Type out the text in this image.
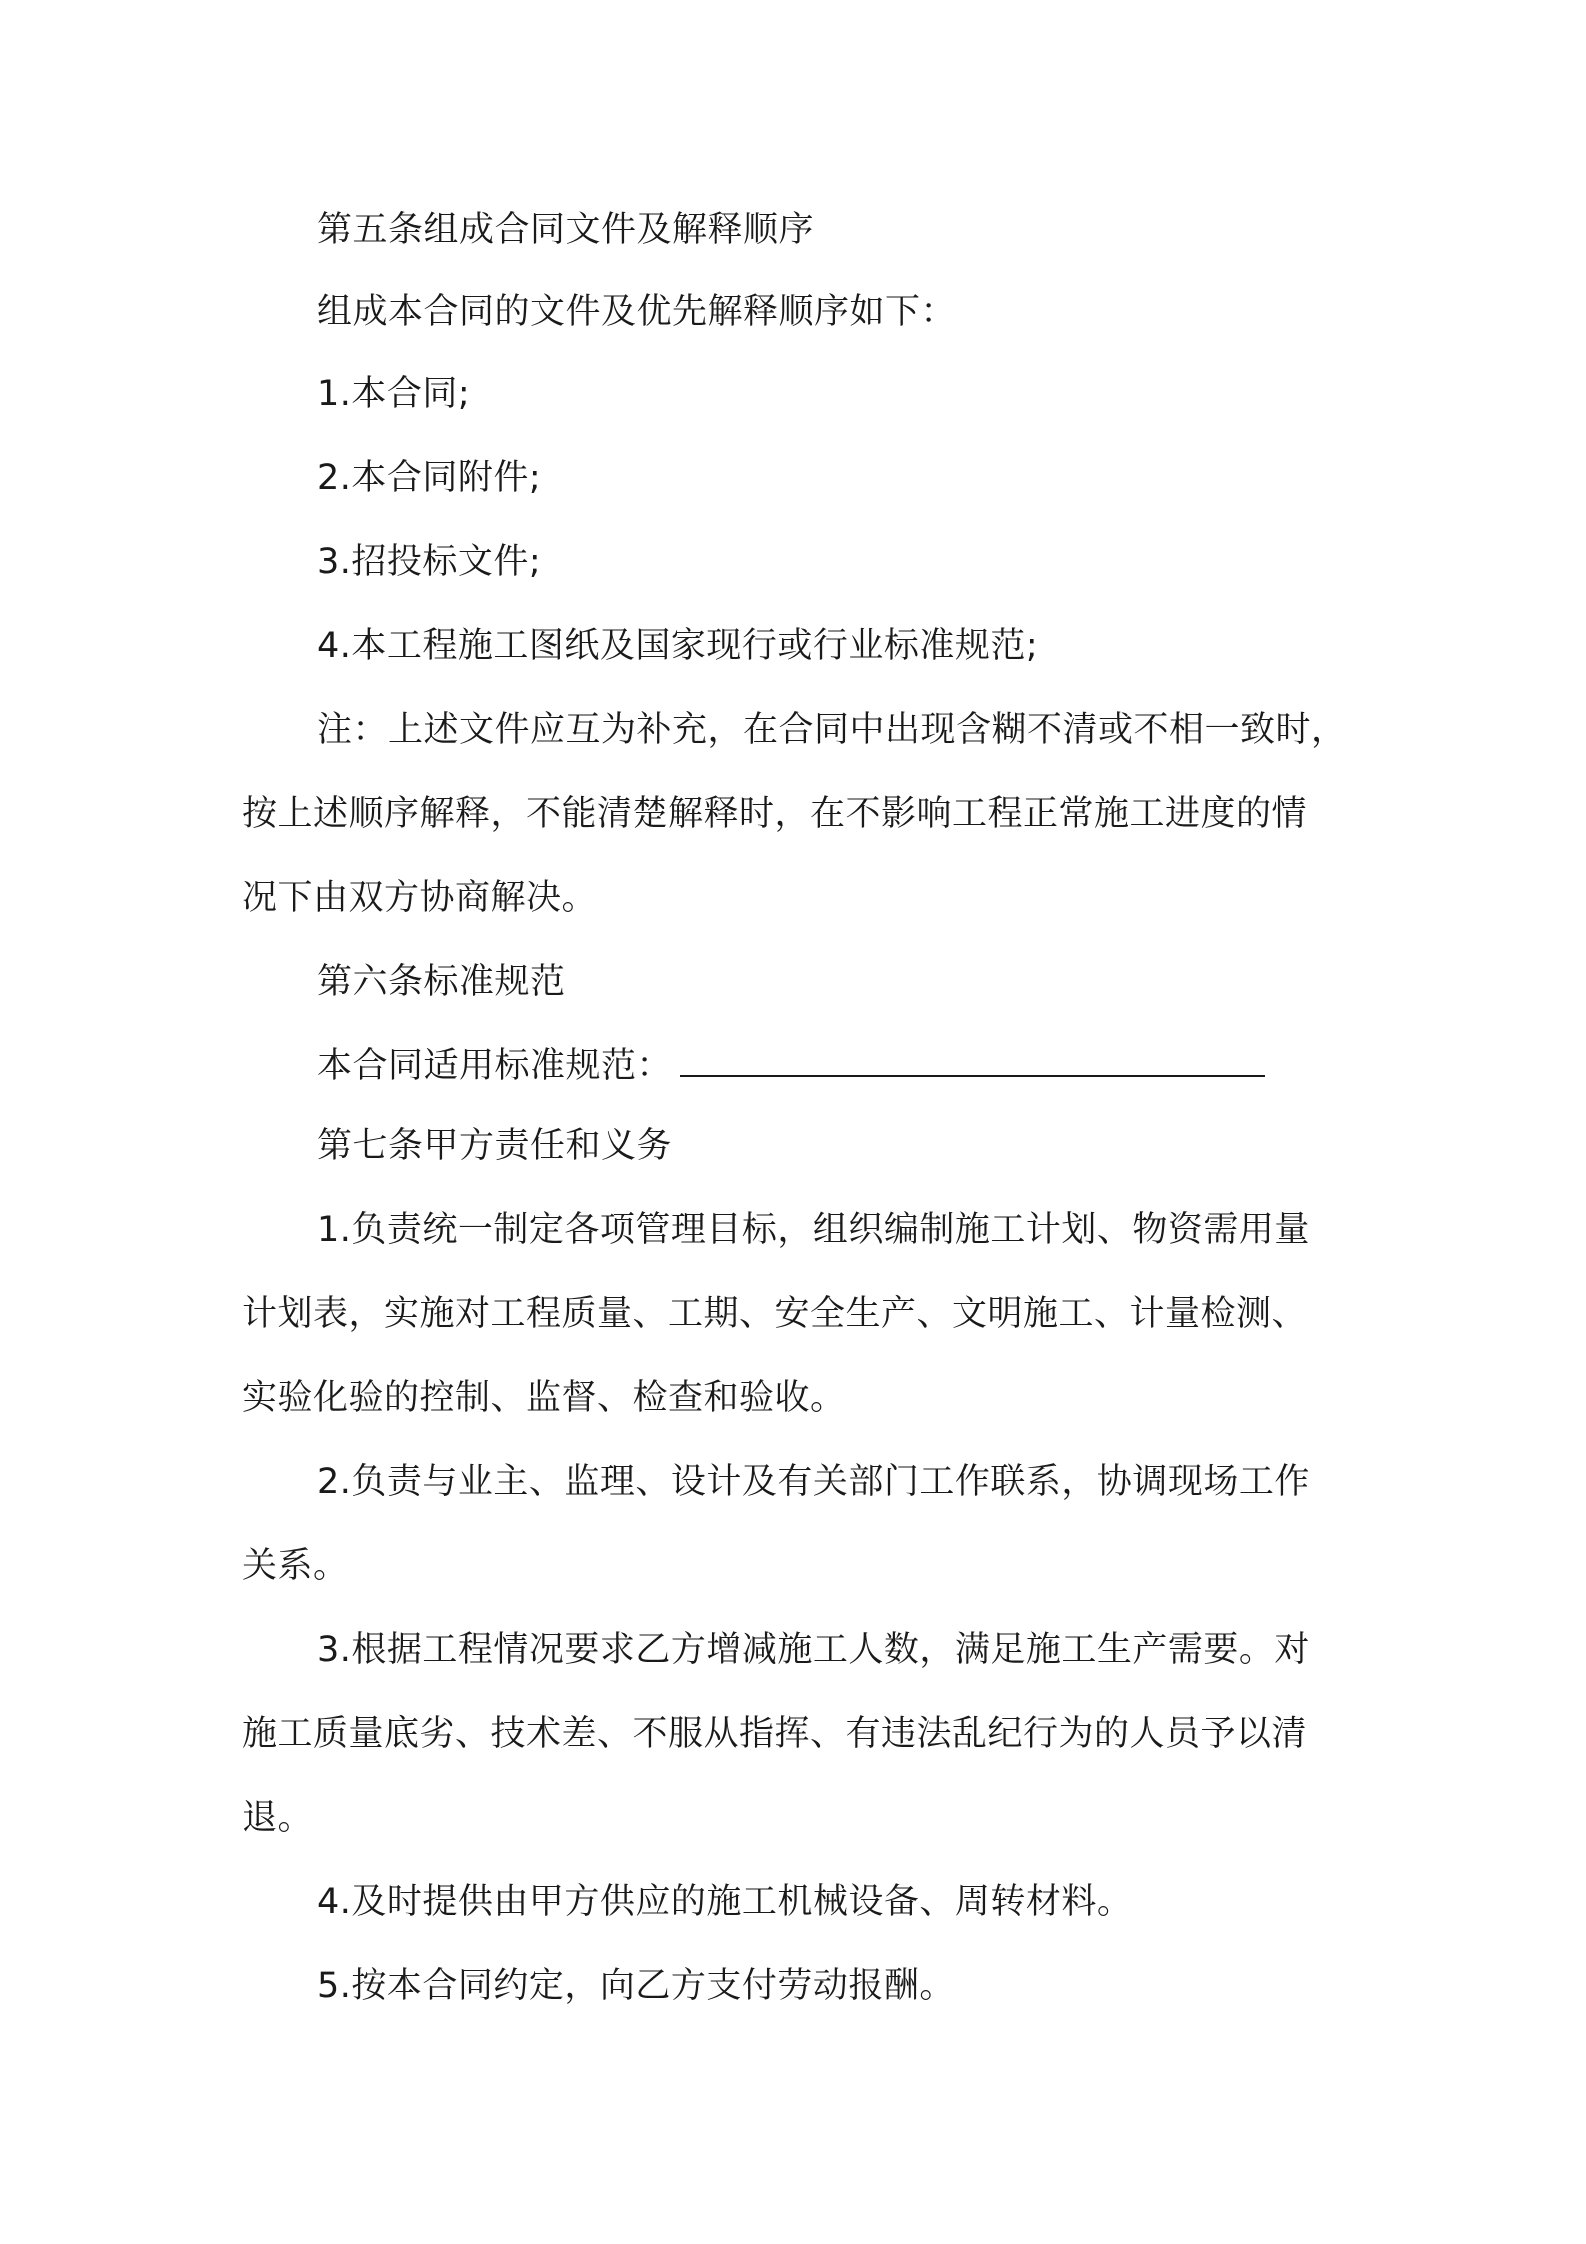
第五条组成合同文件及解释顺序
组成本合同的文件及优先解释顺序如下：
1.本合同;
2.本合同附件;
3.招投标文件;
4.本工程施工图纸及国家现行或行业标准规范;
注：上述文件应互为补充，在合同中出现含糊不清或不相一致时，
按上述顺序解释，不能清楚解释时，在不影响工程正常施工进度的情
况下由双方协商解决。
第六条标准规范
本合同适用标准规范：
第七条甲方责任和义务
1.负责统一制定各项管理目标，组织编制施工计划、物资需用量
计划表，实施对工程质量、工期、安全生产、文明施工、计量检测、
实验化验的控制、监督、检查和验收。
2.负责与业主、监理、设计及有关部门工作联系，协调现场工作
关系。
3.根据工程情况要求乙方增减施工人数，满足施工生产需要。对
施工质量底劣、技术差、不服从指挥、有违法乱纪行为的人员予以清
退。
4.及时提供由甲方供应的施工机械设备、周转材料。
5.按本合同约定，向乙方支付劳动报酬。
